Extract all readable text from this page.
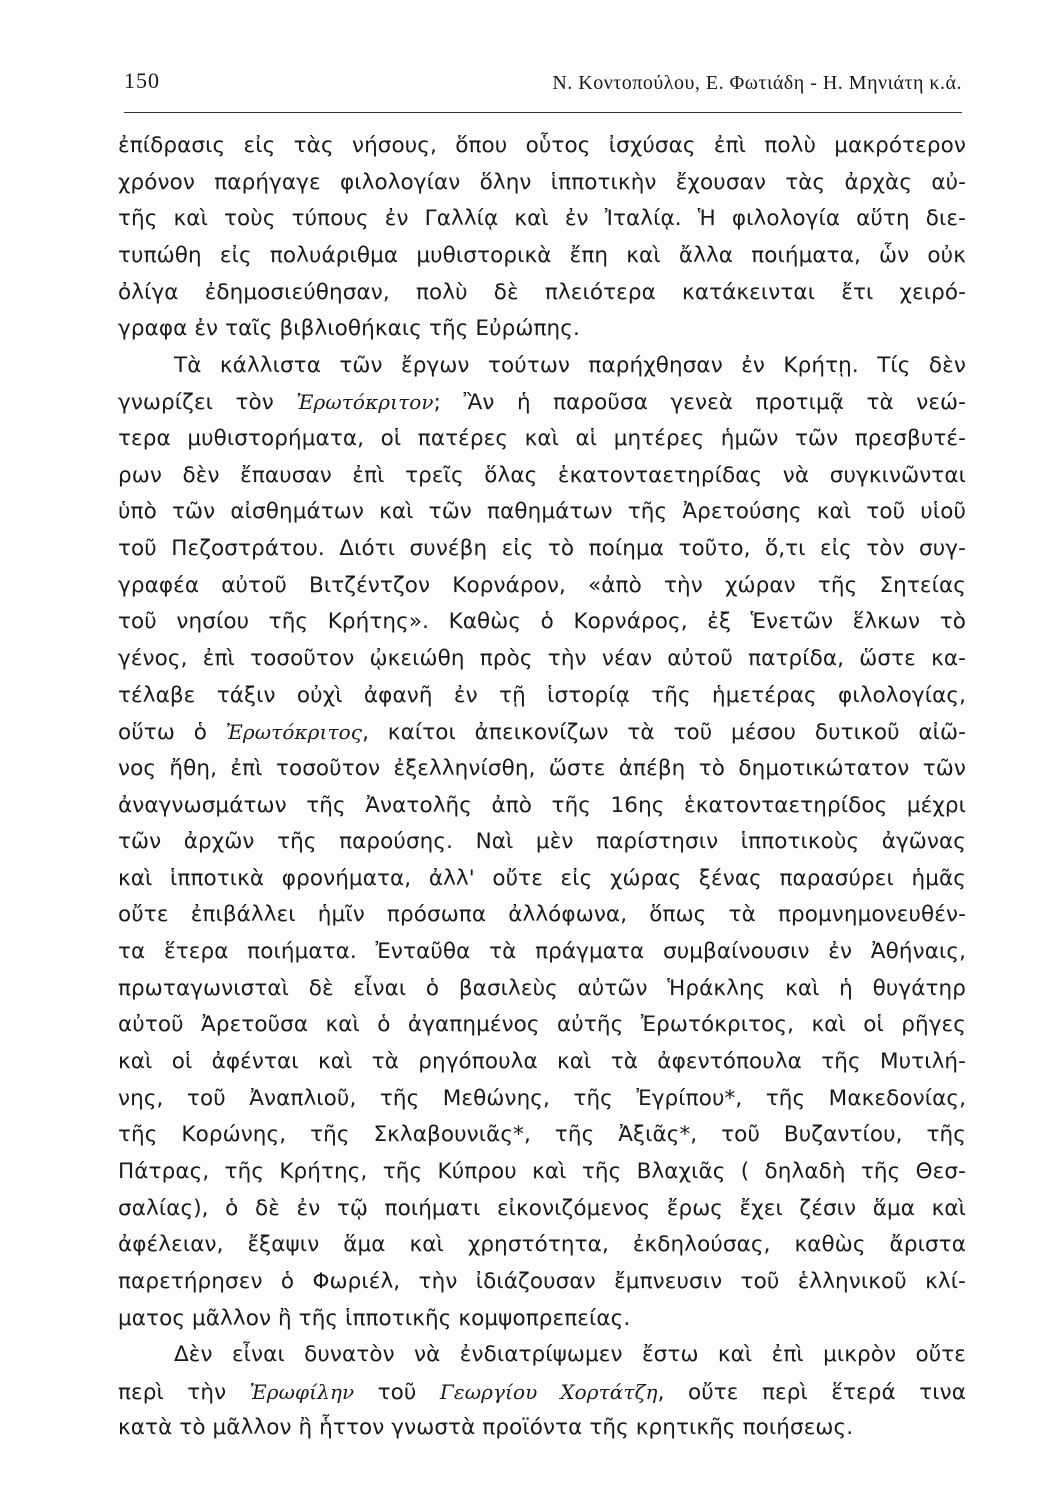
150	Ν. Κοντοπούλου, Ε. Φωτιάδη - Η. Μηνιάτη κ.ά.
ἐπίδρασις εἰς τὰς νήσους, ὅπου οὗτος ἰσχύσας ἐπὶ πολὺ μακρότερον
χρόνον παρήγαγε φιλολογίαν ὅλην ἱπποτικὴν ἔχουσαν τὰς ἀρχὰς αὐ-
τῆς καὶ τοὺς τύπους ἐν Γαλλίᾳ καὶ ἐν Ἰταλίᾳ. Ἡ φιλολογία αὕτη διε-
τυπώθη εἰς πολυάριθμα μυθιστορικὰ ἔπη καὶ ἄλλα ποιήματα, ὧν οὐκ
ὀλίγα ἐδημοσιεύθησαν, πολὺ δὲ πλειότερα κατάκεινται ἔτι χειρό-
γραφα ἐν ταῖς βιβλιοθήκαις τῆς Εὐρώπης.
Τὰ κάλλιστα τῶν ἔργων τούτων παρήχθησαν ἐν Κρήτῃ. Τίς δὲν
γνωρίζει τὸν Ἐρωτόκριτον; Ἂν ἡ παροῦσα γενεὰ προτιμᾷ τὰ νεώ-
τερα μυθιστορήματα, οἱ πατέρες καὶ αἱ μητέρες ἡμῶν τῶν πρεσβυτέ-
ρων δὲν ἔπαυσαν ἐπὶ τρεῖς ὅλας ἑκατονταετηρίδας νὰ συγκινῶνται
ὑπὸ τῶν αἰσθημάτων καὶ τῶν παθημάτων τῆς Ἀρετούσης καὶ τοῦ υἱοῦ
τοῦ Πεζοστράτου. Διότι συνέβη εἰς τὸ ποίημα τοῦτο, ὅ,τι εἰς τὸν συγ-
γραφέα αὐτοῦ Βιτζέντζον Κορνάρον, «ἀπὸ τὴν χώραν τῆς Σητείας
τοῦ νησίου τῆς Κρήτης». Καθὼς ὁ Κορνάρος, ἐξ Ἑνετῶν ἕλκων τὸ
γένος, ἐπὶ τοσοῦτον ᾠκειώθη πρὸς τὴν νέαν αὐτοῦ πατρίδα, ὥστε κα-
τέλαβε τάξιν οὐχὶ ἀφανῆ ἐν τῇ ἱστορίᾳ τῆς ἡμετέρας φιλολογίας,
οὕτω ὁ Ἐρωτόκριτος, καίτοι ἀπεικονίζων τὰ τοῦ μέσου δυτικοῦ αἰῶ-
νος ἤθη, ἐπὶ τοσοῦτον ἐξελληνίσθη, ὥστε ἀπέβη τὸ δημοτικώτατον τῶν
ἀναγνωσμάτων τῆς Ἀνατολῆς ἀπὸ τῆς 16ης ἑκατονταετηρίδος μέχρι
τῶν ἀρχῶν τῆς παρούσης. Ναὶ μὲν παρίστησιν ἱπποτικοὺς ἀγῶνας
καὶ ἱπποτικὰ φρονήματα, ἀλλ' οὔτε εἰς χώρας ξένας παρασύρει ἡμᾶς
οὔτε ἐπιβάλλει ἡμῖν πρόσωπα ἀλλόφωνα, ὅπως τὰ προμνημονευθέν-
τα ἕτερα ποιήματα. Ἐνταῦθα τὰ πράγματα συμβαίνουσιν ἐν Ἀθήναις,
πρωταγωνισταὶ δὲ εἶναι ὁ βασιλεὺς αὐτῶν Ἡράκλης καὶ ἡ θυγάτηρ
αὐτοῦ Ἀρετοῦσα καὶ ὁ ἀγαπημένος αὐτῆς Ἐρωτόκριτος, καὶ οἱ ρῆγες
καὶ οἱ ἀφένται καὶ τὰ ρηγόπουλα καὶ τὰ ἀφεντόπουλα τῆς Μυτιλή-
νης, τοῦ Ἀναπλιοῦ, τῆς Μεθώνης, τῆς Ἐγρίπου*, τῆς Μακεδονίας,
τῆς Κορώνης, τῆς Σκλαβουνιᾶς*, τῆς Ἀξιᾶς*, τοῦ Βυζαντίου, τῆς
Πάτρας, τῆς Κρήτης, τῆς Κύπρου καὶ τῆς Βλαχιᾶς ( δηλαδὴ τῆς Θεσ-
σαλίας), ὁ δὲ ἐν τῷ ποιήματι εἰκονιζόμενος ἔρως ἔχει ζέσιν ἅμα καὶ
ἀφέλειαν, ἔξαψιν ἅμα καὶ χρηστότητα, ἐκδηλούσας, καθὼς ἄριστα
παρετήρησεν ὁ Φωριέλ, τὴν ἰδιάζουσαν ἔμπνευσιν τοῦ ἑλληνικοῦ κλί-
ματος μᾶλλον ἢ τῆς ἱπποτικῆς κομψοπρεπείας.
Δὲν εἶναι δυνατὸν νὰ ἐνδιατρίψωμεν ἔστω καὶ ἐπὶ μικρὸν οὔτε
περὶ τὴν Ἐρωφίλην τοῦ Γεωργίου Χορτάτζη, οὔτε περὶ ἕτερά τινα
κατὰ τὸ μᾶλλον ἢ ἧττον γνωστὰ προϊόντα τῆς κρητικῆς ποιήσεως.
